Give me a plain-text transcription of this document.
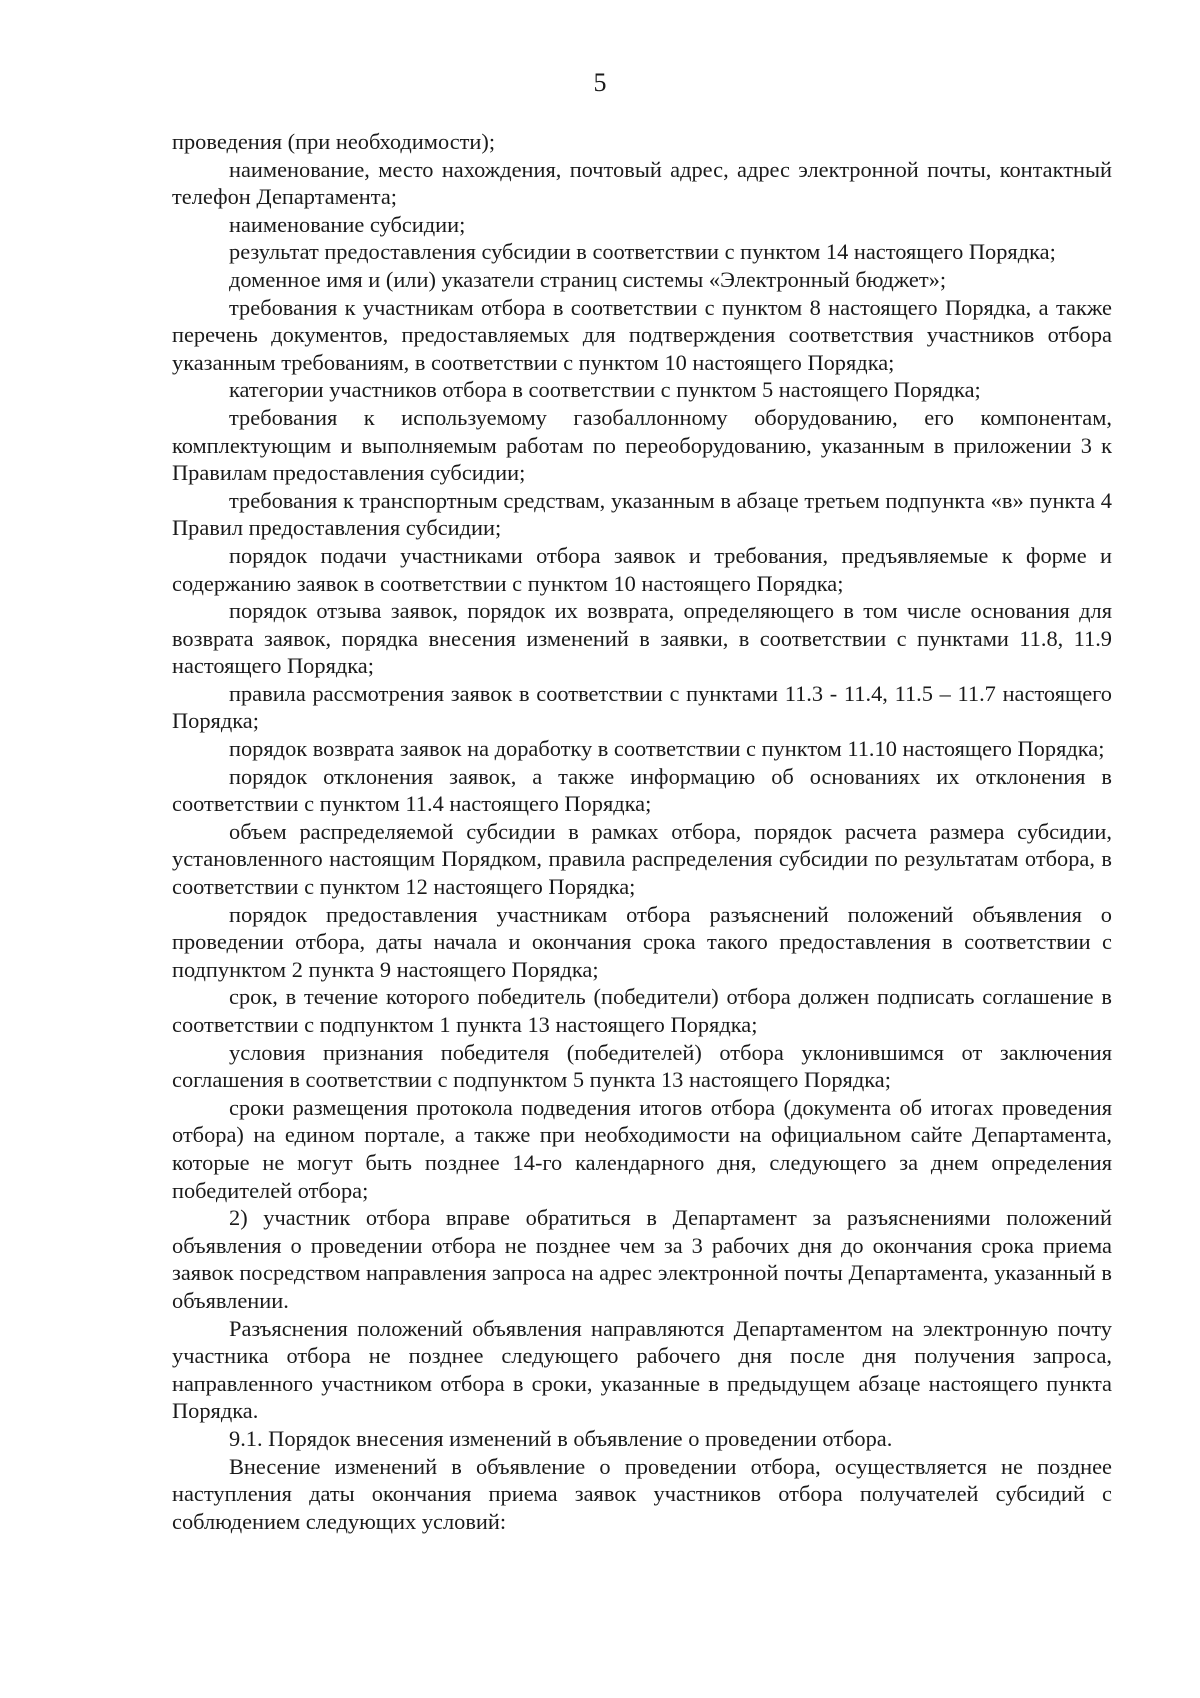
5

проведения (при необходимости);

наименование, место нахождения, почтовый адрес, адрес электронной почты, контактный телефон Департамента;

наименование субсидии;

результат предоставления субсидии в соответствии с пунктом 14 настоящего Порядка;

доменное имя и (или) указатели страниц системы «Электронный бюджет»;

требования к участникам отбора в соответствии с пунктом 8 настоящего Порядка, а также перечень документов, предоставляемых для подтверждения соответствия участников отбора указанным требованиям, в соответствии с пунктом 10 настоящего Порядка;

категории участников отбора в соответствии с пунктом 5 настоящего Порядка;

требования к используемому газобаллонному оборудованию, его компонентам, комплектующим и выполняемым работам по переоборудованию, указанным в приложении 3 к Правилам предоставления субсидии;

требования к транспортным средствам, указанным в абзаце третьем подпункта «в» пункта 4 Правил предоставления субсидии;

порядок подачи участниками отбора заявок и требования, предъявляемые к форме и содержанию заявок в соответствии с пунктом 10 настоящего Порядка;

порядок отзыва заявок, порядок их возврата, определяющего в том числе основания для возврата заявок, порядка внесения изменений в заявки, в соответствии с пунктами 11.8, 11.9 настоящего Порядка;

правила рассмотрения заявок в соответствии с пунктами 11.3 - 11.4, 11.5 – 11.7 настоящего Порядка;

порядок возврата заявок на доработку в соответствии с пунктом 11.10 настоящего Порядка;

порядок отклонения заявок, а также информацию об основаниях их отклонения в соответствии с пунктом 11.4 настоящего Порядка;

объем распределяемой субсидии в рамках отбора, порядок расчета размера субсидии, установленного настоящим Порядком, правила распределения субсидии по результатам отбора, в соответствии с пунктом 12 настоящего Порядка;

порядок предоставления участникам отбора разъяснений положений объявления о проведении отбора, даты начала и окончания срока такого предоставления в соответствии с подпунктом 2 пункта 9 настоящего Порядка;

срок, в течение которого победитель (победители) отбора должен подписать соглашение в соответствии с подпунктом 1 пункта 13 настоящего Порядка;

условия признания победителя (победителей) отбора уклонившимся от заключения соглашения в соответствии с подпунктом 5 пункта 13 настоящего Порядка;

сроки размещения протокола подведения итогов отбора (документа об итогах проведения отбора) на едином портале, а также при необходимости на официальном сайте Департамента, которые не могут быть позднее 14-го календарного дня, следующего за днем определения победителей отбора;

2) участник отбора вправе обратиться в Департамент за разъяснениями положений объявления о проведении отбора не позднее чем за 3 рабочих дня до окончания срока приема заявок посредством направления запроса на адрес электронной почты Департамента, указанный в объявлении.

Разъяснения положений объявления направляются Департаментом на электронную почту участника отбора не позднее следующего рабочего дня после дня получения запроса, направленного участником отбора в сроки, указанные в предыдущем абзаце настоящего пункта Порядка.

9.1. Порядок внесения изменений в объявление о проведении отбора.

Внесение изменений в объявление о проведении отбора, осуществляется не позднее наступления даты окончания приема заявок участников отбора получателей субсидий с соблюдением следующих условий:
